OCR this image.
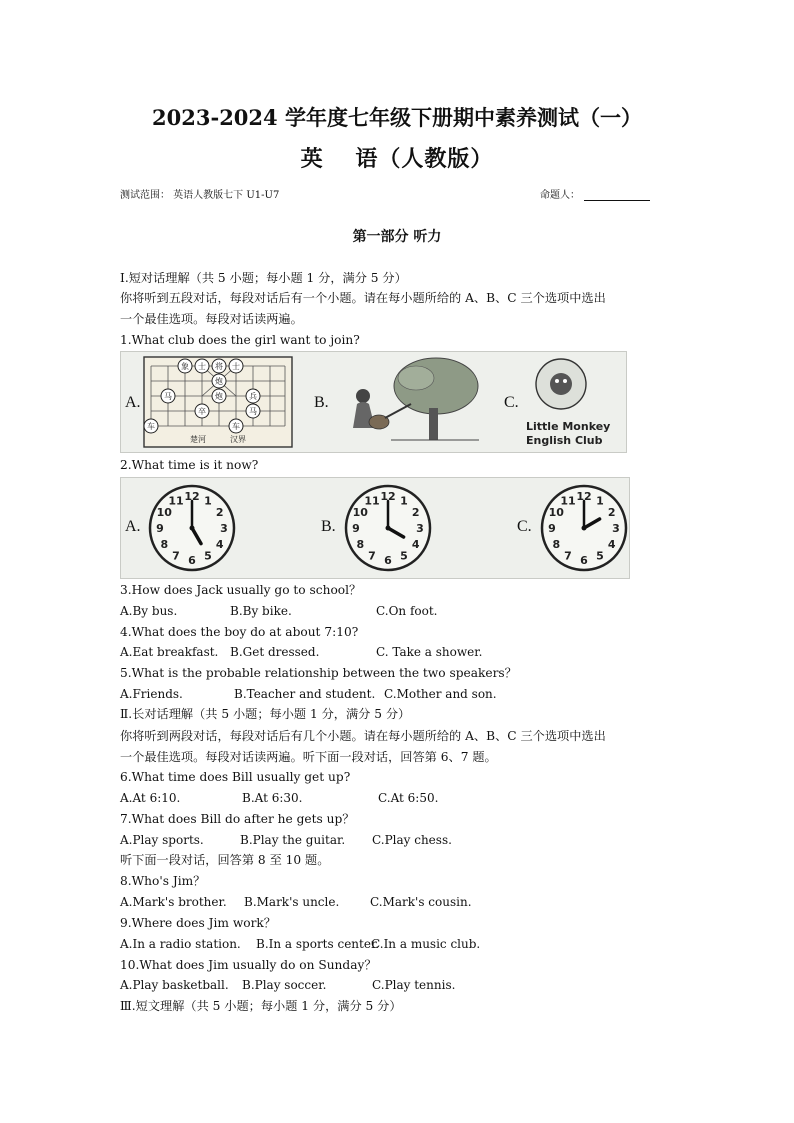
2023-2024 学年度七年级下册期中素养测试（一）
英　 语（人教版）
测试范围： 英语人教版七下 U1-U7	命题人：
第一部分 听力
I.短对话理解（共 5 小题；每小题 1 分，满分 5 分）
你将听到五段对话，每段对话后有一个小题。请在每小题所给的 A、B、C 三个选项中选出
一个最佳选项。每段对话读两遍。
1.What club does the girl want to join?
A.	B.	C.
象 士 将 士
炮
炮	兵
马
卒
车
马
车
楚河　　　汉界
Little Monkey
English Club
2.What time is it now?
A.	B.	C.
12 1
2
3
4
5
6
7
8
9
10
11	12 1
2
3
4
5
6
7
8
9
10
11	12 1
2
3
4
5
6
7
8
9
10
11
3.How does Jack usually go to school？
A.By bus.	B.By bike.	C.On foot.
4.What does the boy do at about 7:10?
A.Eat breakfast. B.Get dressed.	C. Take a shower.
5.What is the probable relationship between the two speakers？
A.Friends.	B.Teacher and student. C.Mother and son.
Ⅱ.长对话理解（共 5 小题；每小题 1 分，满分 5 分）
你将听到两段对话，每段对话后有几个小题。请在每小题所给的 A、B、C 三个选项中选出
一个最佳选项。每段对话读两遍。听下面一段对话，回答第 6、7 题。
6.What time does Bill usually get up?
A.At 6:10.	B.At 6:30.	C.At 6:50.
7.What does Bill do after he gets up？
A.Play sports.	B.Play the guitar. C.Play chess.
听下面一段对话，回答第 8 至 10 题。
8.Who's Jim？
A.Mark's brother. B.Mark's uncle.	C.Mark's cousin.
9.Where does Jim work？
A.In a radio station. B.In a sports center.
C.In a music club.
10.What does Jim usually do on Sunday？
A.Play basketball. B.Play soccer.	C.Play tennis.
Ⅲ.短文理解（共 5 小题；每小题 1 分，满分 5 分）
